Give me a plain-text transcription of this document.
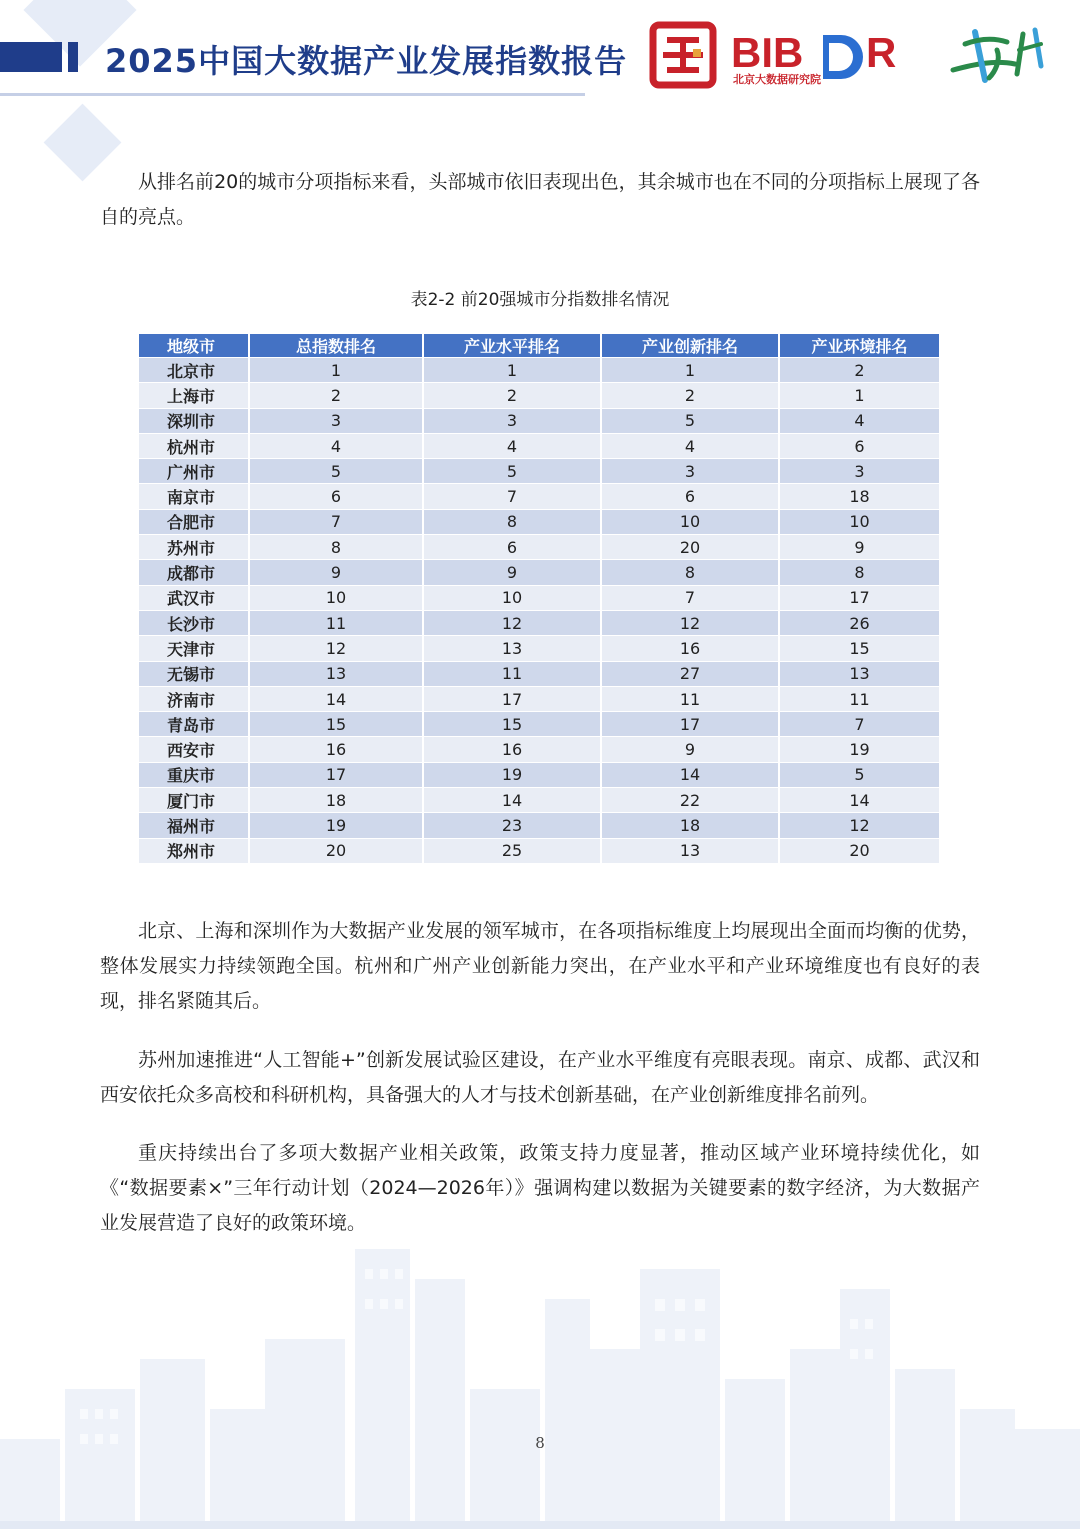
2025中国大数据产业发展指数报告 BIB R
北京大数据研究院

从排名前20的城市分项指标来看，头部城市依旧表现出色，其余城市也在不同的分项指标上展现了各自的亮点。

表2-2 前20强城市分指数排名情况
地级市	总指数排名	产业水平排名	产业创新排名	产业环境排名
北京市	1	1	1	2
上海市	2	2	2	1
深圳市	3	3	5	4
杭州市	4	4	4	6
广州市	5	5	3	3
南京市	6	7	6	18
合肥市	7	8	10	10
苏州市	8	6	20	9
成都市	9	9	8	8
武汉市	10	10	7	17
长沙市	11	12	12	26
天津市	12	13	16	15
无锡市	13	11	27	13
济南市	14	17	11	11
青岛市	15	15	17	7
西安市	16	16	9	19
重庆市	17	19	14	5
厦门市	18	14	22	14
福州市	19	23	18	12
郑州市	20	25	13	20

北京、上海和深圳作为大数据产业发展的领军城市，在各项指标维度上均展现出全面而均衡的优势，整体发展实力持续领跑全国。杭州和广州产业创新能力突出，在产业水平和产业环境维度也有良好的表现，排名紧随其后。

苏州加速推进“人工智能+”创新发展试验区建设，在产业水平维度有亮眼表现。南京、成都、武汉和西安依托众多高校和科研机构，具备强大的人才与技术创新基础，在产业创新维度排名前列。

重庆持续出台了多项大数据产业相关政策，政策支持力度显著，推动区域产业环境持续优化，如《“数据要素×”三年行动计划（2024—2026年）》强调构建以数据为关键要素的数字经济，为大数据产业发展营造了良好的政策环境。

8
